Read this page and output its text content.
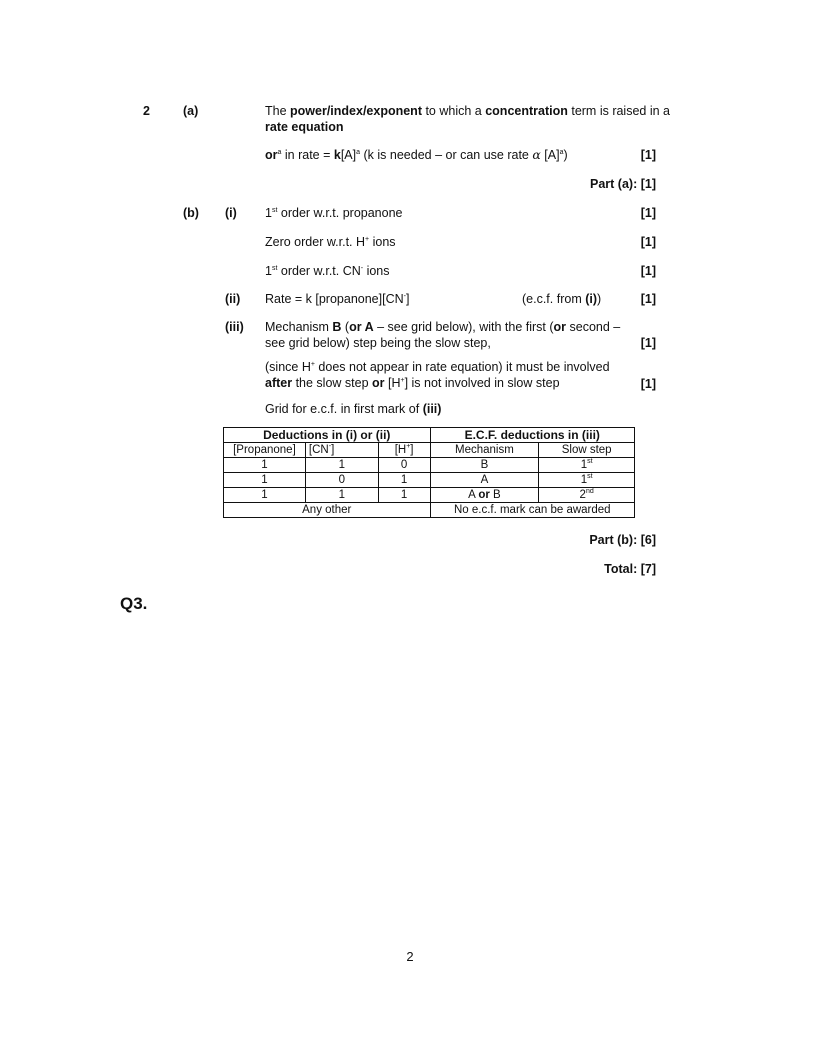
2	(a)	The power/index/exponent to which a concentration term is raised in a rate equation
$or^a$ in rate = $k[A]^a$ (k is needed – or can use rate α $[A]^a$)	[1]
Part (a): [1]
(b) (i) 1st order w.r.t. propanone	[1]
Zero order w.r.t. H+ ions	[1]
1st order w.r.t. CN- ions	[1]
(ii) Rate = k [propanone][CN-]	(e.c.f. from (i))	[1]
(iii) Mechanism B (or A – see grid below), with the first (or second –
see grid below) step being the slow step,	[1]
(since H+ does not appear in rate equation) it must be involved
after the slow step or [H+] is not involved in slow step	[1]
Grid for e.c.f. in first mark of (iii)
Deductions in (i) or (ii)			E.C.F. deductions in (iii)	
[Propanone]	[CN-]	[H+]	Mechanism	Slow step
1	1	0	B	1st
1	0	1	A	1st
1	1	1	A or B	2nd
Any other			No e.c.f. mark can be awarded	
Part (b): [6]
Total: [7]
Q3.
2
